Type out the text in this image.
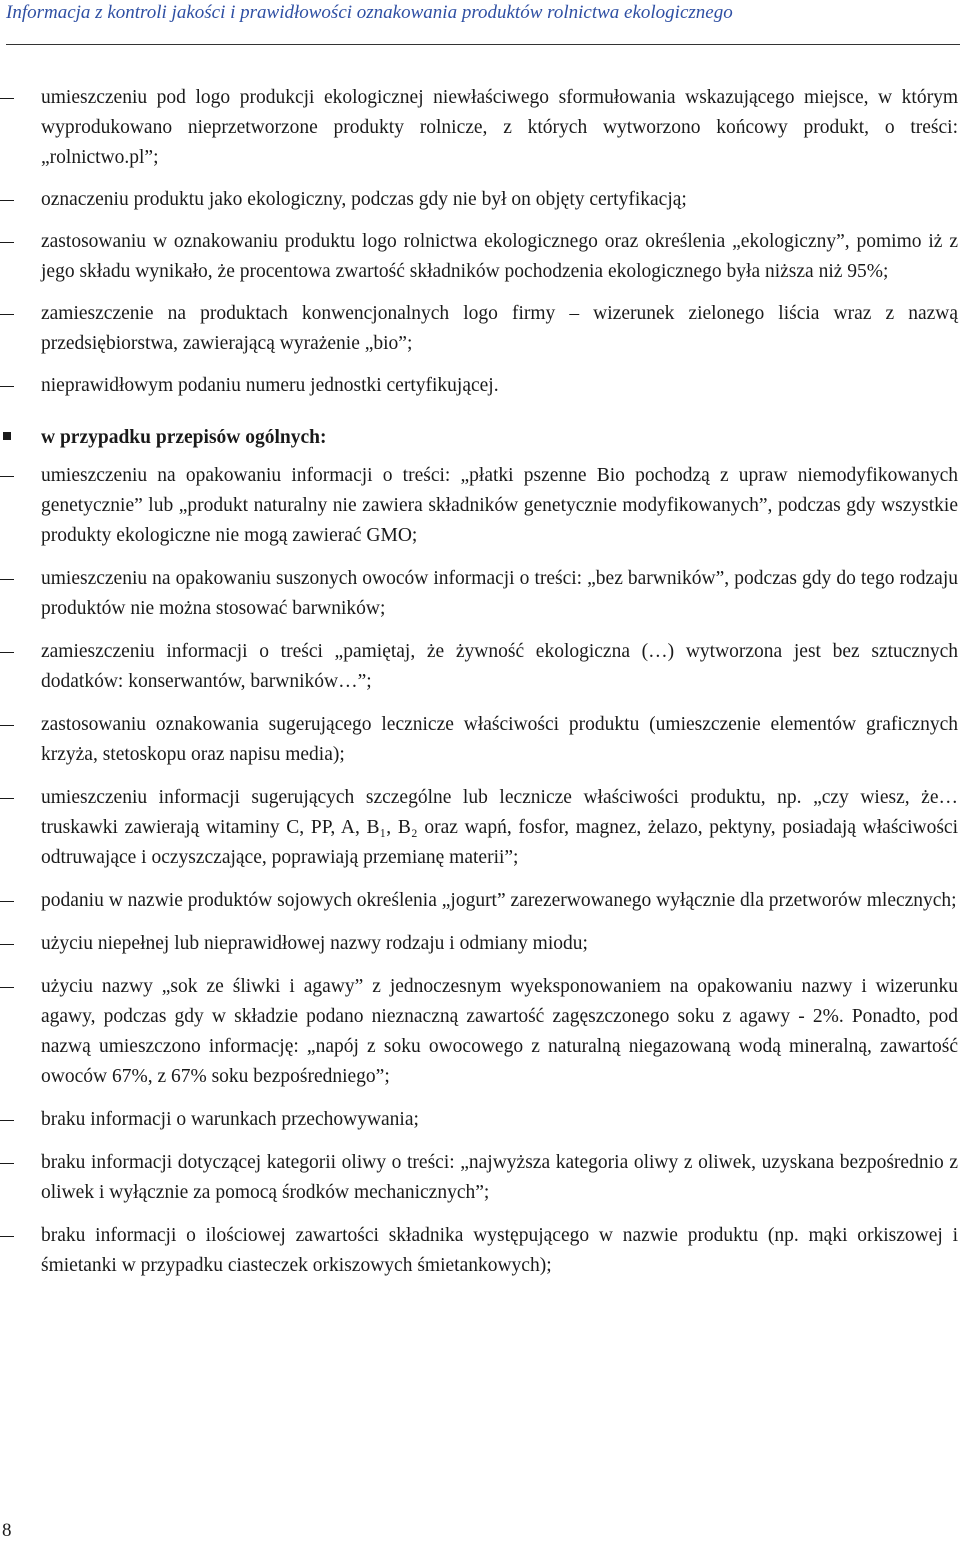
Informacja z kontroli jakości i prawidłowości oznakowania produktów rolnictwa ekologicznego
umieszczeniu pod logo produkcji ekologicznej niewłaściwego sformułowania wskazującego miejsce, w którym wyprodukowano nieprzetworzone produkty rolnicze, z których wytworzono końcowy produkt, o treści: „rolnictwo.pl”;
oznaczeniu produktu jako ekologiczny, podczas gdy nie był on objęty certyfikacją;
zastosowaniu w oznakowaniu produktu logo rolnictwa ekologicznego oraz określenia „ekologiczny”, pomimo iż z jego składu wynikało, że procentowa zwartość składników pochodzenia ekologicznego była niższa niż 95%;
zamieszczenie na produktach konwencjonalnych logo firmy – wizerunek zielonego liścia wraz z nazwą przedsiębiorstwa, zawierającą wyrażenie „bio”;
nieprawidłowym podaniu numeru jednostki certyfikującej.
w przypadku przepisów ogólnych:
umieszczeniu na opakowaniu informacji o treści: „płatki pszenne Bio pochodzą z upraw niemodyfikowanych genetycznie” lub „produkt naturalny nie zawiera składników genetycznie modyfikowanych”, podczas gdy wszystkie produkty ekologiczne nie mogą zawierać GMO;
umieszczeniu na opakowaniu suszonych owoców informacji o treści: „bez barwników”, podczas gdy do tego rodzaju produktów nie można stosować barwników;
zamieszczeniu informacji o treści „pamiętaj, że żywność ekologiczna (…) wytworzona jest bez sztucznych dodatków: konserwantów, barwników…”;
zastosowaniu oznakowania sugerującego lecznicze właściwości produktu (umieszczenie elementów graficznych krzyża, stetoskopu oraz napisu media);
umieszczeniu informacji sugerujących szczególne lub lecznicze właściwości produktu, np. „czy wiesz, że… truskawki zawierają witaminy C, PP, A, B₁, B₂ oraz wapń, fosfor, magnez, żelazo, pektyny, posiadają właściwości odtruwające i oczyszczające, poprawiają przemianę materii”;
podaniu w nazwie produktów sojowych określenia „jogurt” zarezerwowanego wyłącznie dla przetworów mlecznych;
użyciu niepełnej lub nieprawidłowej nazwy rodzaju i odmiany miodu;
użyciu nazwy „sok ze śliwki i agawy” z jednoczesnym wyeksponowaniem na opakowaniu nazwy i wizerunku agawy, podczas gdy w składzie podano nieznaczną zawartość zagęszczonego soku z agawy - 2%. Ponadto, pod nazwą umieszczono informację: „napój z soku owocowego z naturalną niegazowaną wodą mineralną, zawartość owoców 67%, z 67% soku bezpośredniego”;
braku informacji o warunkach przechowywania;
braku informacji dotyczącej kategorii oliwy o treści: „najwyższa kategoria oliwy z oliwek, uzyskana bezpośrednio z oliwek i wyłącznie za pomocą środków mechanicznych”;
braku informacji o ilościowej zawartości składnika występującego w nazwie produktu (np. mąki orkiszowej i śmietanki w przypadku ciasteczek orkiszowych śmietankowych);
8
